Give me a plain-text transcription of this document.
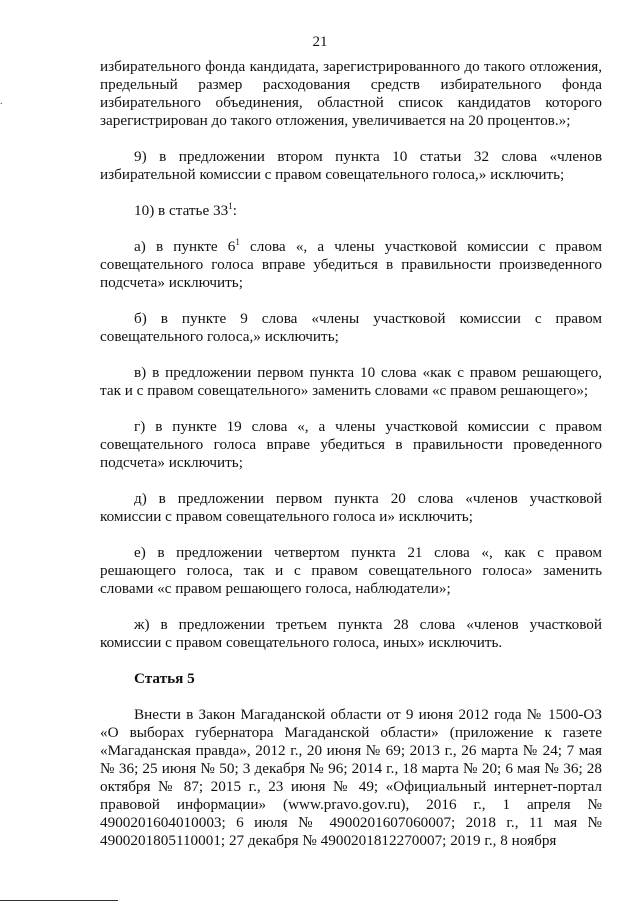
21
.

избирательного фонда кандидата, зарегистрированного до такого отложения, предельный размер расходования средств избирательного фонда избирательного объединения, областной список кандидатов которого зарегистрирован до такого отложения, увеличивается на 20 процентов.»;

9) в предложении втором пункта 10 статьи 32 слова «членов избирательной комиссии с правом совещательного голоса,» исключить;

10) в статье $33^1$:

а) в пункте $6^1$ слова «, а члены участковой комиссии с правом совещательного голоса вправе убедиться в правильности произведенного подсчета» исключить;

б) в пункте 9 слова «члены участковой комиссии с правом совещательного голоса,» исключить;

в) в предложении первом пункта 10 слова «как с правом решающего, так и с правом совещательного» заменить словами «с правом решающего»;

г) в пункте 19 слова «, а члены участковой комиссии с правом совещательного голоса вправе убедиться в правильности проведенного подсчета» исключить;

д) в предложении первом пункта 20 слова «членов участковой комиссии с правом совещательного голоса и» исключить;

е) в предложении четвертом пункта 21 слова «, как с правом решающего голоса, так и с правом совещательного голоса» заменить словами «с правом решающего голоса, наблюдатели»;

ж) в предложении третьем пункта 28 слова «членов участковой комиссии с правом совещательного голоса, иных» исключить.

Статья 5

Внести в Закон Магаданской области от 9 июня 2012 года № 1500-ОЗ «О выборах губернатора Магаданской области» (приложение к газете «Магаданская правда», 2012 г., 20 июня № 69; 2013 г., 26 марта № 24; 7 мая № 36; 25 июня № 50; 3 декабря № 96; 2014 г., 18 марта № 20; 6 мая № 36; 28 октября № 87; 2015 г., 23 июня № 49; «Официальный интернет-портал правовой информации» (www.pravo.gov.ru), 2016 г., 1 апреля № 4900201604010003; 6 июля № 4900201607060007; 2018 г., 11 мая № 4900201805110001; 27 декабря № 4900201812270007; 2019 г., 8 ноября
